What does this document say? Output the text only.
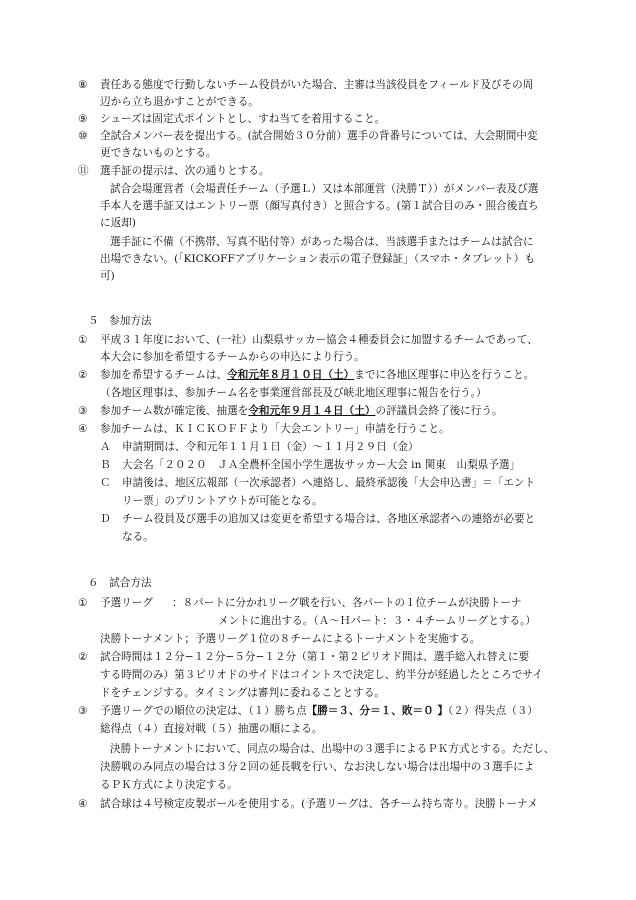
⑧ 責任ある態度で行動しないチーム役員がいた場合、主審は当該役員をフィールド及びその周
辺から立ち退かすことができる。
⑨ シューズは固定式ポイントとし、すね当てを着用すること。
⑩ 全試合メンバー表を提出する。(試合開始３０分前）選手の背番号については、大会期間中変
更できないものとする。
⑪ 選手証の提示は、次の通りとする。
試合会場運営者（会場責任チーム（予選Ｌ）又は本部運営（決勝Ｔ））がメンバー表及び選
手本人を選手証又はエントリー票（顔写真付き）と照合する。(第１試合目のみ・照合後直ち
に返却)
選手証に不備（不携帯、写真不貼付等）があった場合は、当該選手またはチームは試合に
出場できない。(「KICKOFFアプリケーション表示の電子登録証」（スマホ・タブレット）も
可)
５　参加方法
① 平成３１年度において、(一社）山梨県サッカー協会４種委員会に加盟するチームであって、
本大会に参加を希望するチームからの申込により行う。
② 参加を希望するチームは、令和元年８月１０日（土）までに各地区理事に申込を行うこと。
（各地区理事は、参加チーム名を事業運営部長及び峡北地区理事に報告を行う。）
③ 参加チーム数が確定後、抽選を令和元年９月１４日（土）の評議員会終了後に行う。
④ 参加チームは、ＫＩＣＫＯＦＦより「大会エントリー」申請を行うこと。
Ａ 申請期間は、令和元年１１月１日（金）〜１１月２９日（金）
Ｂ 大会名「２０２０　ＪＡ全農杯全国小学生選抜サッカー大会 in 関東　山梨県予選」
Ｃ 申請後は、地区広報部（一次承認者）へ連絡し、最終承認後「大会申込書」＝「エント
リー票」のプリントアウトが可能となる。
Ｄ チーム役員及び選手の追加又は変更を希望する場合は、各地区承認者への連絡が必要と
なる。
６　試合方法
① 予選リーグ ：８パートに分かれリーグ戦を行い、各パートの１位チームが決勝トーナ
メントに進出する。（Ａ〜Ｈパート：３・４チームリーグとする。）
決勝トーナメント；予選リーグ１位の８チームによるトーナメントを実施する。
② 試合時間は１２分−１２分−５分−１２分（第１・第２ピリオド間は、選手総入れ替えに要
する時間のみ）第３ピリオドのサイドはコイントスで決定し、約半分が経過したところでサイ
ドをチェンジする。タイミングは審判に委ねることとする。
③ 予選リーグでの順位の決定は、（１）勝ち点【勝＝３、分＝１、敗＝０ 】（２）得失点（３）
総得点（４）直接対戦（５）抽選の順による。
決勝トーナメントにおいて、同点の場合は、出場中の３選手によるＰＫ方式とする。ただし、
決勝戦のみ同点の場合は３分２回の延長戦を行い、なお決しない場合は出場中の３選手によ
るＰＫ方式により決定する。
④ 試合球は４号検定皮製ボールを使用する。(予選リーグは、各チーム持ち寄り。決勝トーナメ
